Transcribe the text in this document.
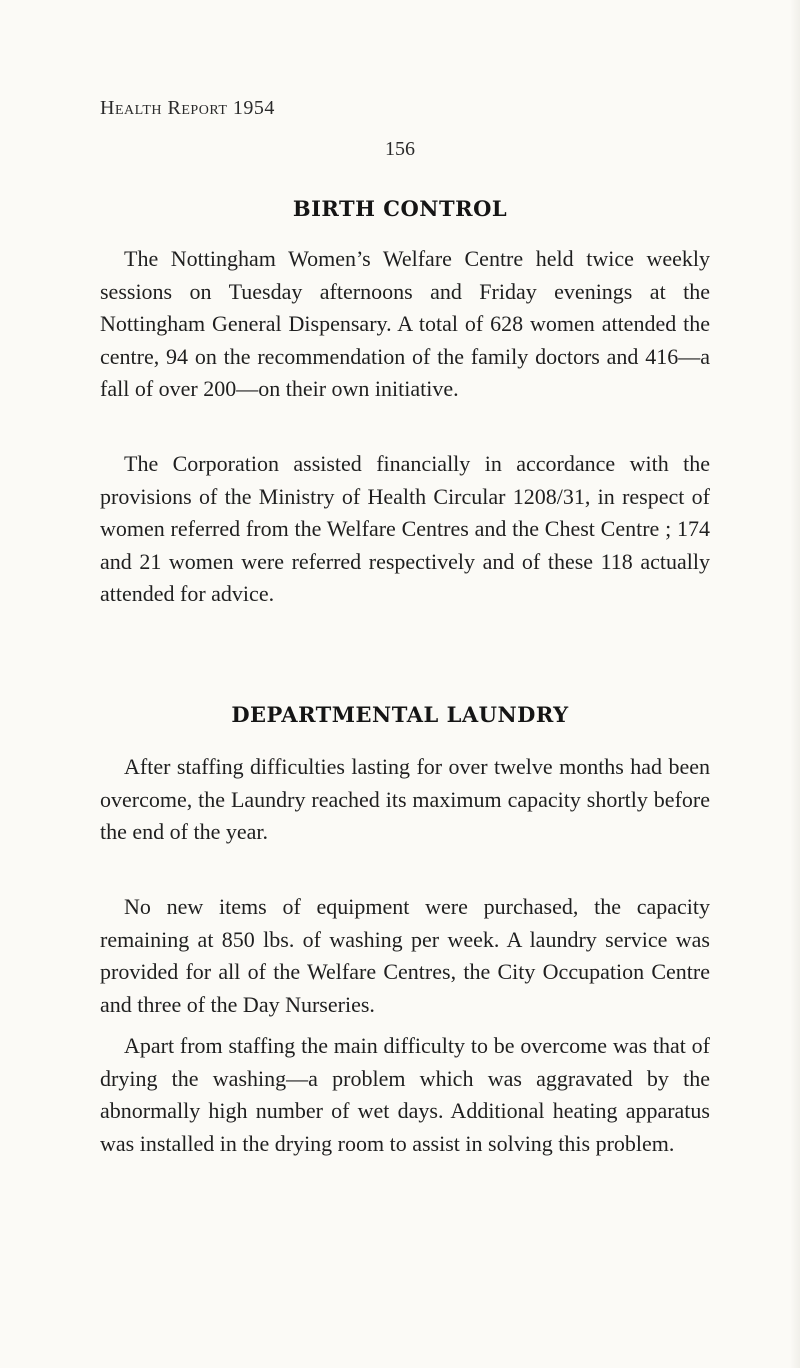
Health Report 1954
156
BIRTH CONTROL

The Nottingham Women’s Welfare Centre held twice weekly sessions on Tuesday afternoons and Friday evenings at the Nottingham General Dispensary. A total of 628 women attended the centre, 94 on the recommendation of the family doctors and 416—a fall of over 200—on their own initiative.

The Corporation assisted financially in accordance with the provisions of the Ministry of Health Circular 1208/31, in respect of women referred from the Welfare Centres and the Chest Centre ; 174 and 21 women were referred respectively and of these 118 actually attended for advice.

DEPARTMENTAL LAUNDRY

After staffing difficulties lasting for over twelve months had been overcome, the Laundry reached its maximum capacity shortly before the end of the year.

No new items of equipment were purchased, the capacity remaining at 850 lbs. of washing per week. A laundry service was provided for all of the Welfare Centres, the City Occupation Centre and three of the Day Nurseries.

Apart from staffing the main difficulty to be overcome was that of drying the washing—a problem which was aggravated by the abnormally high number of wet days. Additional heating apparatus was installed in the drying room to assist in solving this problem.
